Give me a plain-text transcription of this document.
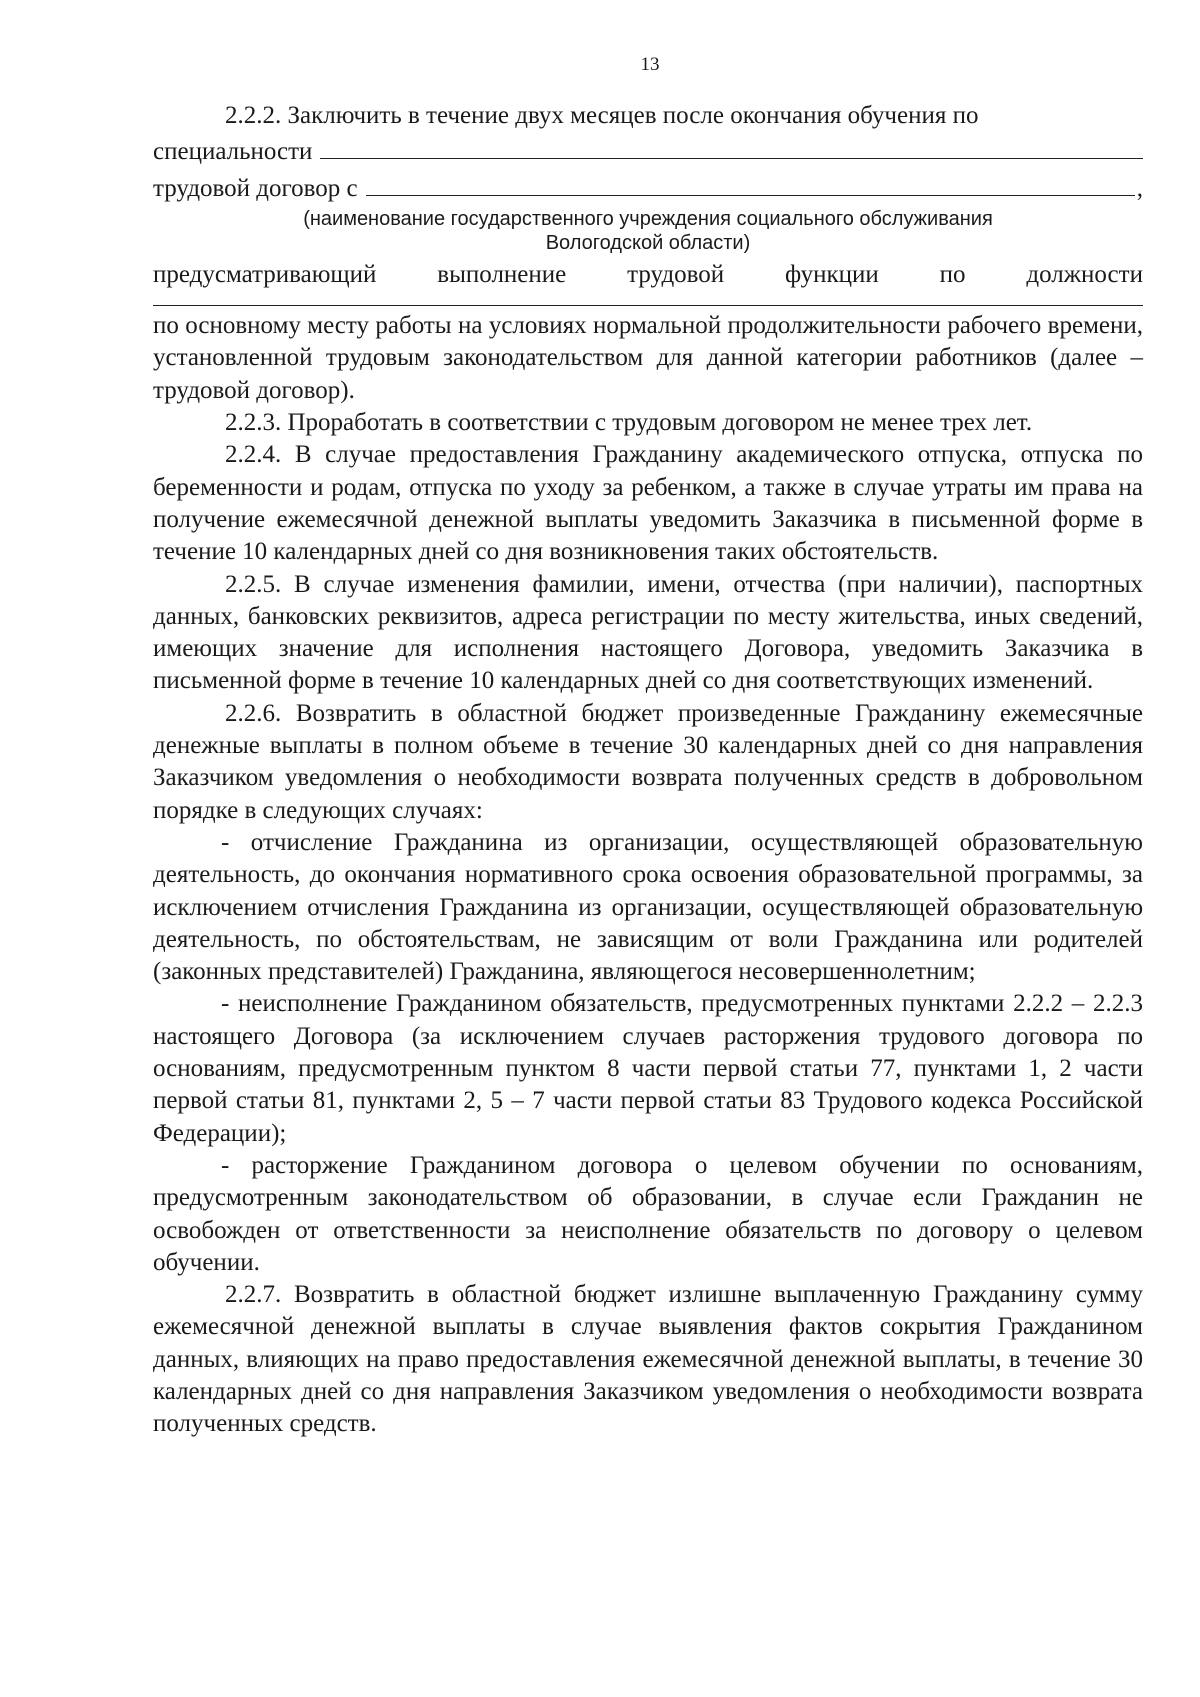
13

2.2.2. Заключить в течение двух месяцев после окончания обучения по

специальности
трудовой договор с	,
(наименование государственного учреждения социального обслуживания
Вологодской области)
предусматривающий выполнение трудовой функции по должности

по основному месту работы на условиях нормальной продолжительности рабочего времени, установленной трудовым законодательством для данной категории работников (далее – трудовой договор).

2.2.3. Проработать в соответствии с трудовым договором не менее трех лет.

2.2.4. В случае предоставления Гражданину академического отпуска, отпуска по беременности и родам, отпуска по уходу за ребенком, а также в случае утраты им права на получение ежемесячной денежной выплаты уведомить Заказчика в письменной форме в течение 10 календарных дней со дня возникновения таких обстоятельств.

2.2.5. В случае изменения фамилии, имени, отчества (при наличии), паспортных данных, банковских реквизитов, адреса регистрации по месту жительства, иных сведений, имеющих значение для исполнения настоящего Договора, уведомить Заказчика в письменной форме в течение 10 календарных дней со дня соответствующих изменений.

2.2.6. Возвратить в областной бюджет произведенные Гражданину ежемесячные денежные выплаты в полном объеме в течение 30 календарных дней со дня направления Заказчиком уведомления о необходимости возврата полученных средств в добровольном порядке в следующих случаях:

- отчисление Гражданина из организации, осуществляющей образовательную деятельность, до окончания нормативного срока освоения образовательной программы, за исключением отчисления Гражданина из организации, осуществляющей образовательную деятельность, по обстоятельствам, не зависящим от воли Гражданина или родителей (законных представителей) Гражданина, являющегося несовершеннолетним;

- неисполнение Гражданином обязательств, предусмотренных пунктами 2.2.2 – 2.2.3 настоящего Договора (за исключением случаев расторжения трудового договора по основаниям, предусмотренным пунктом 8 части первой статьи 77, пунктами 1, 2 части первой статьи 81, пунктами 2, 5 – 7 части первой статьи 83 Трудового кодекса Российской Федерации);

- расторжение Гражданином договора о целевом обучении по основаниям, предусмотренным законодательством об образовании, в случае если Гражданин не освобожден от ответственности за неисполнение обязательств по договору о целевом обучении.

2.2.7. Возвратить в областной бюджет излишне выплаченную Гражданину сумму ежемесячной денежной выплаты в случае выявления фактов сокрытия Гражданином данных, влияющих на право предоставления ежемесячной денежной выплаты, в течение 30 календарных дней со дня направления Заказчиком уведомления о необходимости возврата полученных средств.
